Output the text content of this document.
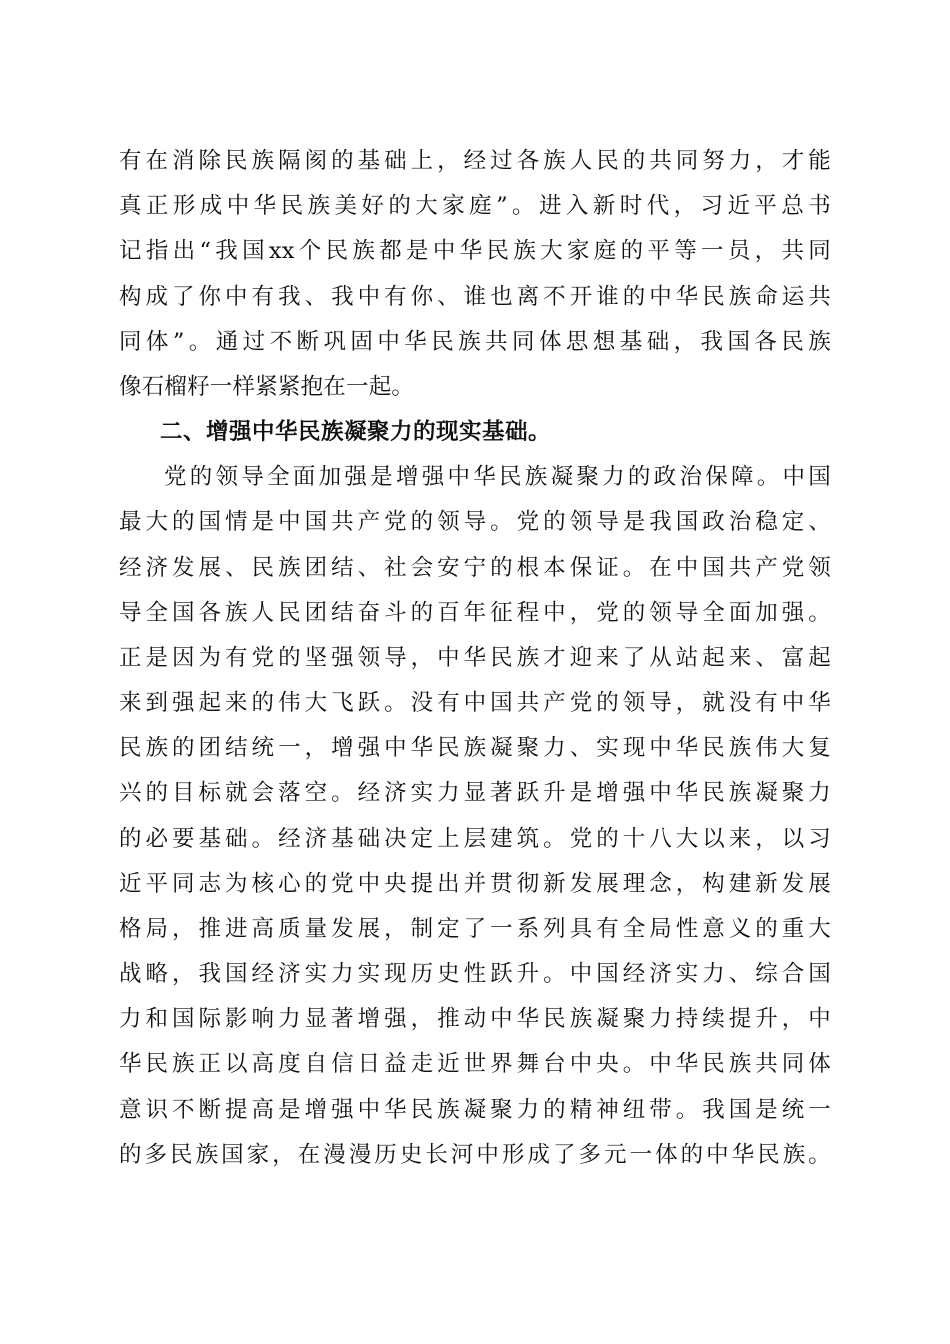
有在消除民族隔阂的基础上，经过各族人民的共同努力，才能
真正形成中华民族美好的大家庭”。进入新时代，习近平总书
记指出“我国xx个民族都是中华民族大家庭的平等一员，共同
构成了你中有我、我中有你、谁也离不开谁的中华民族命运共
同体”。通过不断巩固中华民族共同体思想基础，我国各民族
像石榴籽一样紧紧抱在一起。
二、增强中华民族凝聚力的现实基础。
党的领导全面加强是增强中华民族凝聚力的政治保障。中国
最大的国情是中国共产党的领导。党的领导是我国政治稳定、
经济发展、民族团结、社会安宁的根本保证。在中国共产党领
导全国各族人民团结奋斗的百年征程中，党的领导全面加强。
正是因为有党的坚强领导，中华民族才迎来了从站起来、富起
来到强起来的伟大飞跃。没有中国共产党的领导，就没有中华
民族的团结统一，增强中华民族凝聚力、实现中华民族伟大复
兴的目标就会落空。经济实力显著跃升是增强中华民族凝聚力
的必要基础。经济基础决定上层建筑。党的十八大以来，以习
近平同志为核心的党中央提出并贯彻新发展理念，构建新发展
格局，推进高质量发展，制定了一系列具有全局性意义的重大
战略，我国经济实力实现历史性跃升。中国经济实力、综合国
力和国际影响力显著增强，推动中华民族凝聚力持续提升，中
华民族正以高度自信日益走近世界舞台中央。中华民族共同体
意识不断提高是增强中华民族凝聚力的精神纽带。我国是统一
的多民族国家，在漫漫历史长河中形成了多元一体的中华民族。
